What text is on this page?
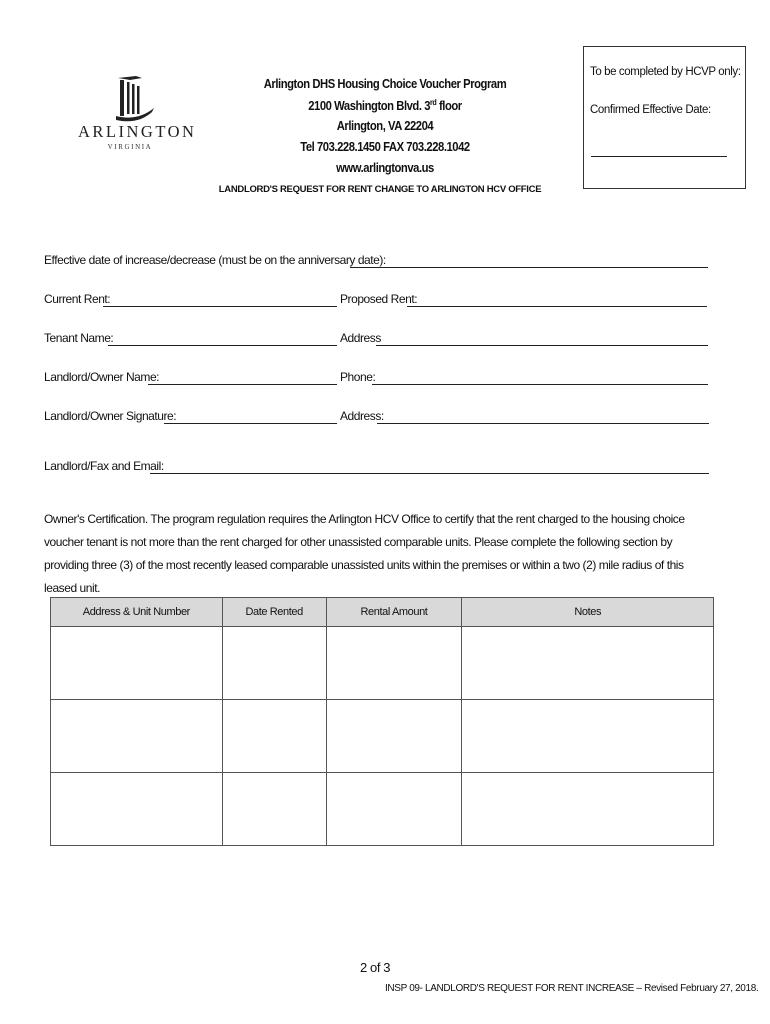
ARLINGTON
VIRGINIA
Arlington DHS Housing Choice Voucher Program
2100 Washington Blvd. 3rd floor
Arlington, VA 22204
Tel 703.228.1450 FAX 703.228.1042
www.arlingtonva.us
LANDLORD'S REQUEST FOR RENT CHANGE TO ARLINGTON HCV OFFICE
To be completed by HCVP only:
Confirmed Effective Date:
Effective date of increase/decrease (must be on the anniversary date):
Current Rent:	Proposed Rent:
Tenant Name:	Address
Landlord/Owner Name:	Phone:
Landlord/Owner Signature:	Address:
Landlord/Fax and Email:
Owner's Certification. The program regulation requires the Arlington HCV Office to certify that the rent charged to the housing choice voucher tenant is not more than the rent charged for other unassisted comparable units. Please complete the following section by providing three (3) of the most recently leased comparable unassisted units within the premises or within a two (2) mile radius of this leased unit.
Address & Unit Number	Date Rented	Rental Amount	Notes

2 of 3
INSP 09- LANDLORD'S REQUEST FOR RENT INCREASE – Revised February 27, 2018.
